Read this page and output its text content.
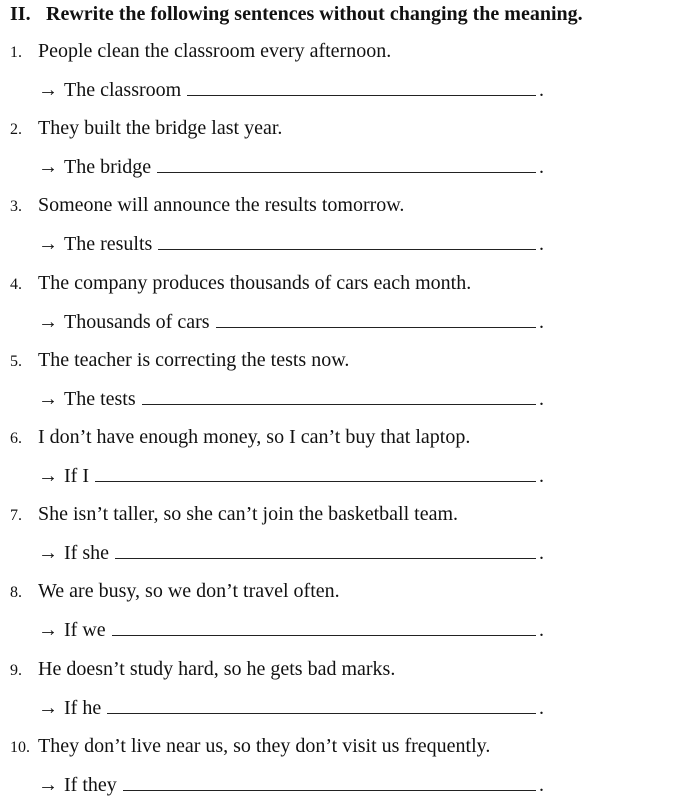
II. Rewrite the following sentences without changing the meaning.
1. People clean the classroom every afternoon.
→ The classroom	.
2. They built the bridge last year.
→ The bridge	.
3. Someone will announce the results tomorrow.
→ The results	.
4. The company produces thousands of cars each month.
→ Thousands of cars	.
5. The teacher is correcting the tests now.
→ The tests	.
6. I don’t have enough money, so I can’t buy that laptop.
→ If I	.
7. She isn’t taller, so she can’t join the basketball team.
→ If she	.
8. We are busy, so we don’t travel often.
→ If we	.
9. He doesn’t study hard, so he gets bad marks.
→ If he	.
10. They don’t live near us, so they don’t visit us frequently.
→ If they	.
